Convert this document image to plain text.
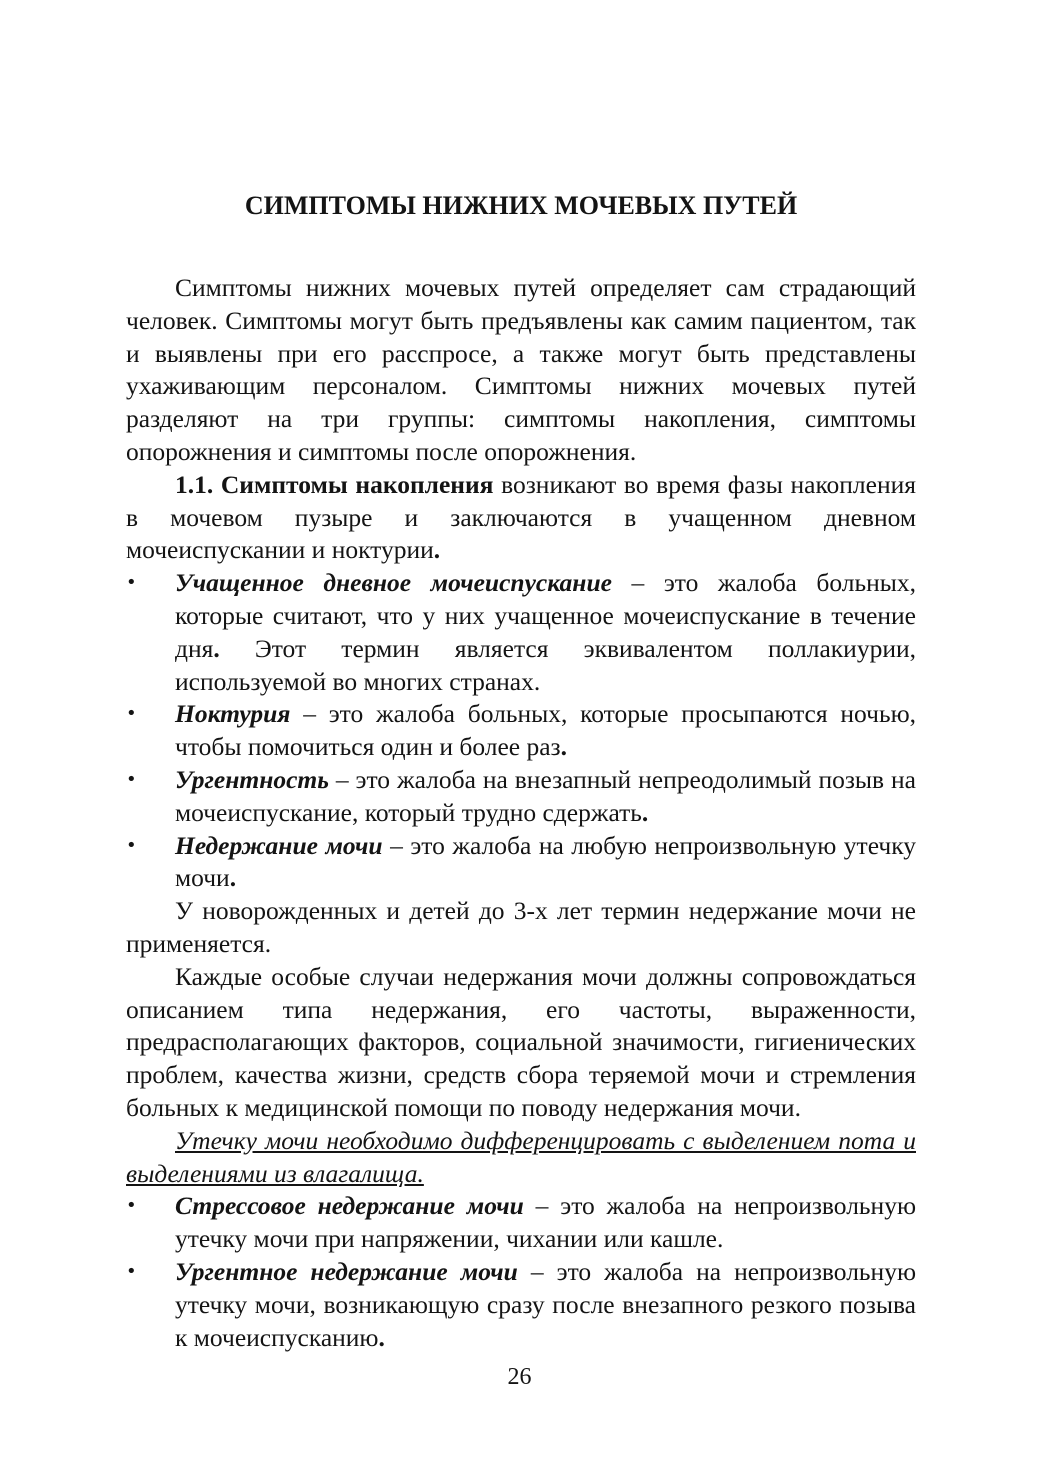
СИМПТОМЫ НИЖНИХ МОЧЕВЫХ ПУТЕЙ

Симптомы нижних мочевых путей определяет сам страдающий человек. Симптомы могут быть предъявлены как самим пациентом, так и выявлены при его расспросе, а также могут быть представлены ухаживающим персоналом. Симптомы нижних мочевых путей разделяют на три группы: симптомы накопления, симптомы опорожнения и симптомы после опорожнения.

1.1. Симптомы накопления возникают во время фазы накопления в мочевом пузыре и заключаются в учащенном дневном мочеиспускании и ноктурии.

•	Учащенное дневное мочеиспускание – это жалоба больных, которые считают, что у них учащенное мочеиспускание в течение дня. Этот термин является эквивалентом поллакиурии, используемой во многих странах.
•	Ноктурия – это жалоба больных, которые просыпаются ночью, чтобы помочиться один и более раз.
•	Ургентность – это жалоба на внезапный непреодолимый позыв на мочеиспускание, который трудно сдержать.
•	Недержание мочи – это жалоба на любую непроизвольную утечку мочи.

У новорожденных и детей до 3-х лет термин недержание мочи не применяется.

Каждые особые случаи недержания мочи должны сопровождаться описанием типа недержания, его частоты, выраженности, предрасполагающих факторов, социальной значимости, гигиенических проблем, качества жизни, средств сбора теряемой мочи и стремления больных к медицинской помощи по поводу недержания мочи.

Утечку мочи необходимо дифференцировать с выделением пота и выделениями из влагалища.

•	Стрессовое недержание мочи – это жалоба на непроизвольную утечку мочи при напряжении, чихании или кашле.
•	Ургентное недержание мочи – это жалоба на непроизвольную утечку мочи, возникающую сразу после внезапного резкого позыва к мочеиспусканию.
26
